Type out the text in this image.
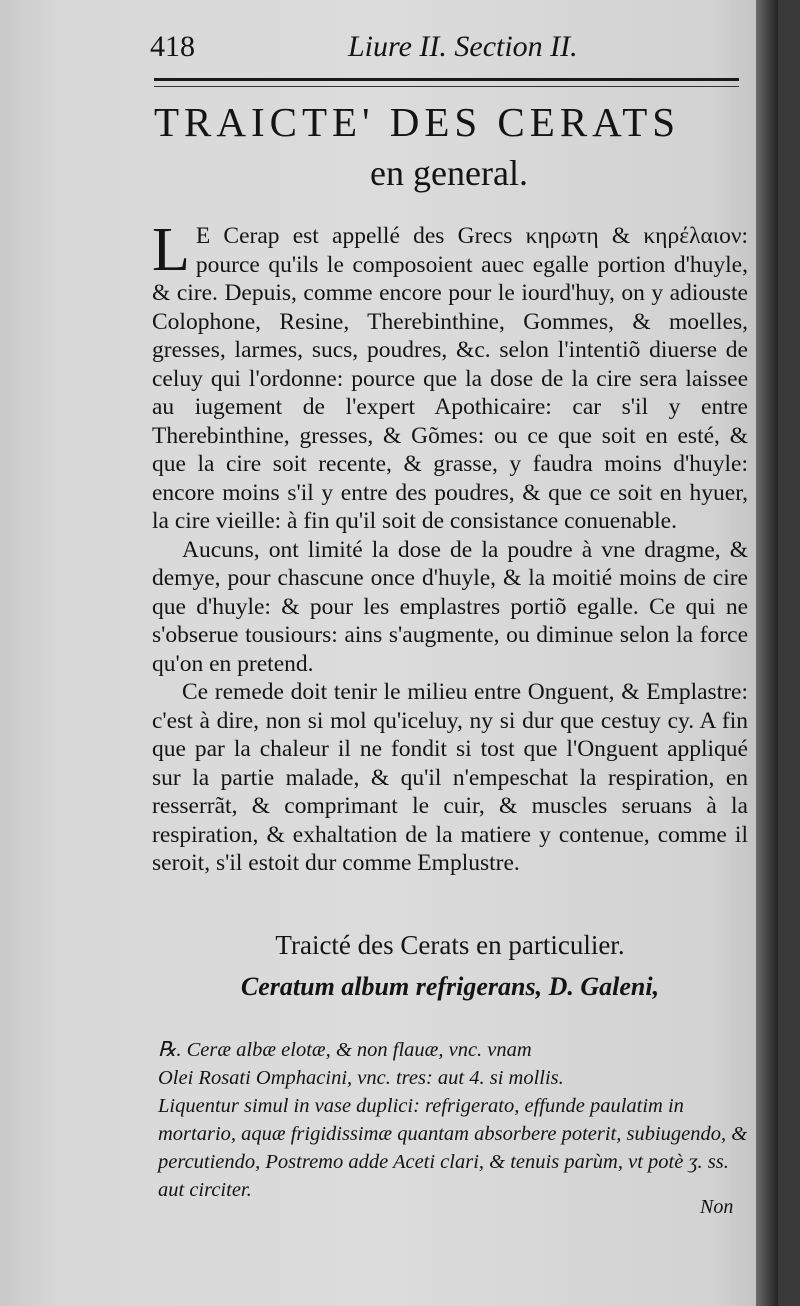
418	Liure II. Section II.
TRAICTE' DES CERATS
en general.

L E Cerap est appellé des Grecs κηρωτη & κηρέλαιον: pource qu'ils le composoient auec egalle portion d'huyle, & cire. Depuis, comme encore pour le iourd'huy, on y adiouste Colophone, Resine, Therebinthine, Gommes, & moelles, gresses, larmes, sucs, poudres, &c. selon l'intentiõ diuerse de celuy qui l'ordonne: pource que la dose de la cire sera laissee au iugement de l'expert Apothicaire: car s'il y entre Therebinthine, gresses, & Gõmes: ou ce que soit en esté, & que la cire soit recente, & grasse, y faudra moins d'huyle: encore moins s'il y entre des poudres, & que ce soit en hyuer, la cire vieille: à fin qu'il soit de consistance conuenable.

Aucuns, ont limité la dose de la poudre à vne dragme, & demye, pour chascune once d'huyle, & la moitié moins de cire que d'huyle: & pour les emplastres portiõ egalle. Ce qui ne s'obserue tousiours: ains s'augmente, ou diminue selon la force qu'on en pretend.

Ce remede doit tenir le milieu entre Onguent, & Emplastre: c'est à dire, non si mol qu'iceluy, ny si dur que cestuy cy. A fin que par la chaleur il ne fondit si tost que l'Onguent appliqué sur la partie malade, & qu'il n'empeschat la respiration, en resserrãt, & comprimant le cuir, & muscles seruans à la respiration, & exhaltation de la matiere y contenue, comme il seroit, s'il estoit dur comme Emplustre.

Traicté des Cerats en particulier.
Ceratum album refrigerans, D. Galeni,

℞. Ceræ albæ elotæ, & non flauæ, vnc. vnam

Olei Rosati Omphacini, vnc. tres: aut 4. si mollis.

Liquentur simul in vase duplici: refrigerato, effunde paulatim in mortario, aquæ frigidissimæ quantam absorbere poterit, subiugendo, & percutiendo, Postremo adde Aceti clari, & tenuis parùm, vt potè ʒ. ss. aut circiter.

Non
